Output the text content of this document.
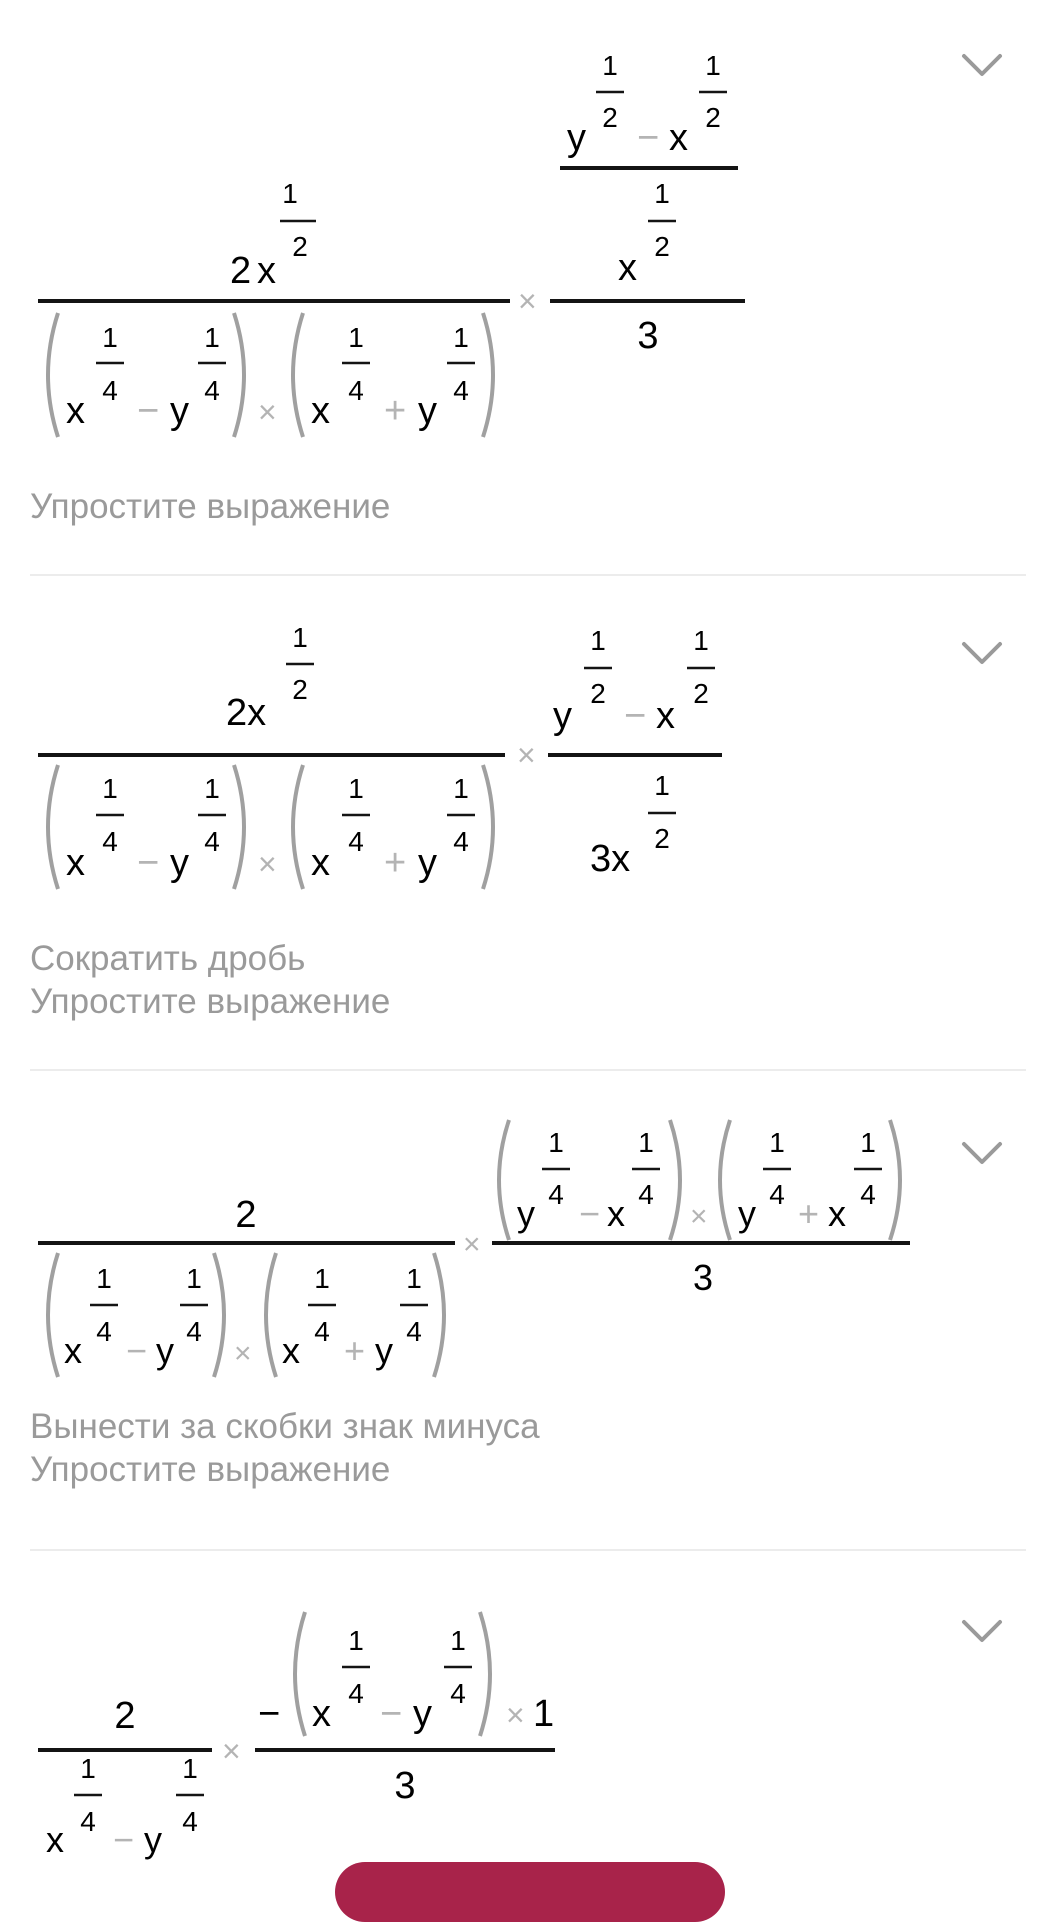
2 x
1
2
x
1
4 − y
1
4
× x
1
4 + y
1
4
×
y
1
2 − x
1
2
x
1
2
3
Упростите выражение
2x
1
2
x
1
4
− y
1
4
× x
1
4
+ y
1
4
×
y
1
2
− x
1
2
3x
1
2
Сократить дробь
Упростите выражение
2
x
1
4 − y
1
4
× x
1
4 + y
1
4
×
y
1
4 − x
1
4
× y
1
4 + x
1
4
3
Вынести за скобки знак минуса
Упростите выражение
2
x
1
4 − y
1
4
×
− x
1
4 − y
1
4
× 1
3
